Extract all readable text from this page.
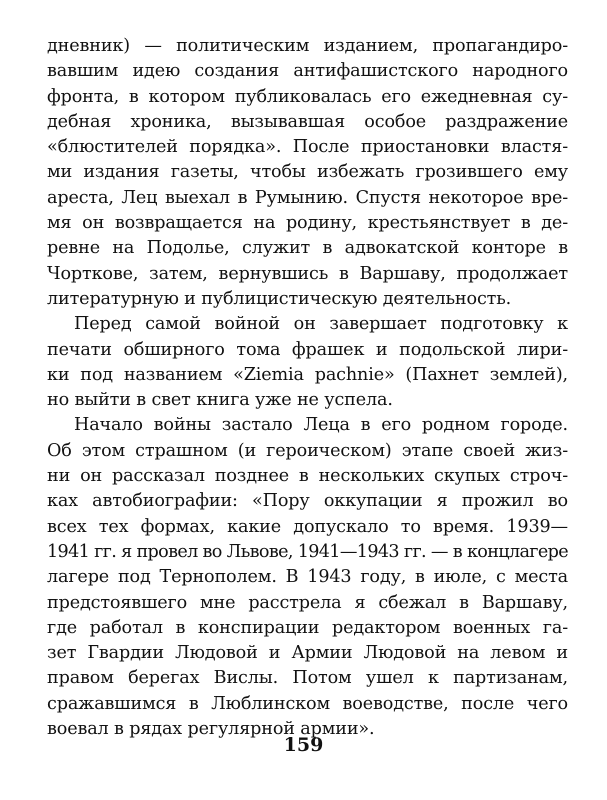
дневник) — политическим изданием, пропагандиро-
вавшим идею создания антифашистского народного
фронта, в котором публиковалась его ежедневная су-
дебная хроника, вызывавшая особое раздражение
«блюстителей порядка». После приостановки властя-
ми издания газеты, чтобы избежать грозившего ему
ареста, Лец выехал в Румынию. Спустя некоторое вре-
мя он возвращается на родину, крестьянствует в де-
ревне на Подолье, служит в адвокатской конторе в
Чорткове, затем, вернувшись в Варшаву, продолжает
литературную и публицистическую деятельность.
Перед самой войной он завершает подготовку к
печати обширного тома фрашек и подольской лири-
ки под названием «Ziemia pachnie» (Пахнет землей),
но выйти в свет книга уже не успела.
Начало войны застало Леца в его родном городе.
Об этом страшном (и героическом) этапе своей жиз-
ни он рассказал позднее в нескольких скупых строч-
ках автобиографии: «Пору оккупации я прожил во
всех тех формах, какие допускало то время. 1939—
1941 гг. я провел во Львове, 1941—1943 гг. — в концлагере
лагере под Тернополем. В 1943 году, в июле, с места
предстоявшего мне расстрела я сбежал в Варшаву,
где работал в конспирации редактором военных га-
зет Гвардии Людовой и Армии Людовой на левом и
правом берегах Вислы. Потом ушел к партизанам,
сражавшимся в Люблинском воеводстве, после чего
воевал в рядах регулярной армии».
159
